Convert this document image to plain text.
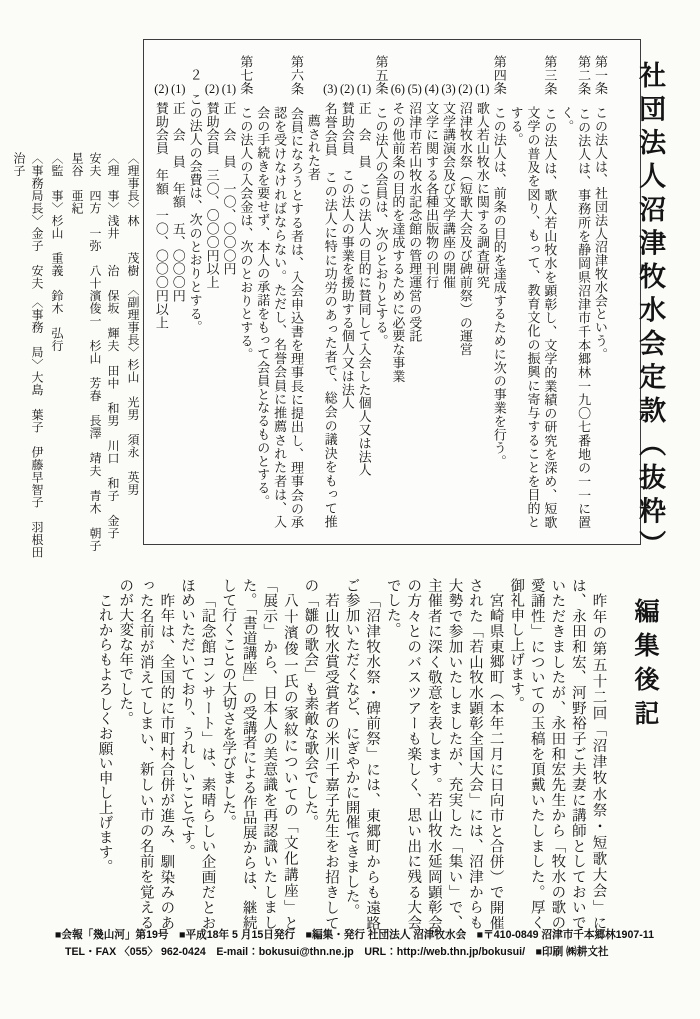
〈理事長〉林　　茂樹　〈副理事長〉杉山　光男　須永　英男
〈理　事〉浅井　　治　保坂　輝夫　田中　和男　川口　和子　金子　安夫　四方　一弥　八十濱俊一　杉山　芳春　長澤　靖夫　青木　朝子　星谷　亜紀
〈監　事〉杉山　重義　鈴木　弘行
〈事務局長〉金子　安夫　〈事務　局〉大島　葉子　伊藤早智子　羽根田治子	社団法人沼津牧水会定款（抜粋）
第一条この法人は、社団法人沼津牧水会という。
第二条この法人は、事務所を静岡県沼津市千本郷林一九〇七番地の一一に置く。
第三条この法人は、歌人若山牧水を顕彰し、文学的業績の研究を深め、短歌文学の普及を図り、もって、教育文化の振興に寄与することを目的とする。
第四条この法人は、前条の目的を達成するために次の事業を行う。
(1)歌人若山牧水に関する調査研究
(2)沼津牧水祭（短歌大会及び碑前祭）の運営
(3)文学講演会及び文学講座の開催
(4)文学に関する各種出版物の刊行
(5)沼津市若山牧水記念館の管理運営の受託
(6)その他前条の目的を達成するために必要な事業
第五条この法人の会員は、次のとおりとする。
(1)正　会　員　この法人の目的に賛同して入会した個人又は法人
(2)賛助会員　この法人の事業を援助する個人又は法人
(3)名誉会員　この法人に特に功労のあった者で、総会の議決をもって推薦された者
第六条会員になろうとする者は、入会申込書を理事長に提出し、理事会の承認を受けなければならない。ただし、名誉会員に推薦された者は、入会の手続きを要せず、本人の承諾をもって会員となるものとする。
第七条この法人の入会金は、次のとおりとする。
(1)正　会　員　一〇、〇〇〇円
(2)賛助会員　三〇、〇〇〇円以上
２この法人の会費は、次のとおりとする。
(1)正　会　員　年額　五、〇〇〇円
(2)賛助会員　年額　一〇、〇〇〇円以上
編集後記

昨年の第五十二回「沼津牧水祭・短歌大会」には、永田和宏、河野裕子ご夫妻に講師としておいでいただきましたが、永田和宏先生から「牧水の歌の愛誦性」についての玉稿を頂戴いたしました。厚く御礼申し上げます。

宮崎県東郷町（本年二月に日向市と合併）で開催された「若山牧水顕彰全国大会」には、沼津からも大勢で参加いたしましたが、充実した「集い」で、主催者に深く敬意を表します。若山牧水延岡顕彰会の方々とのバスツアーも楽しく、思い出に残る大会でした。

「沼津牧水祭・碑前祭」には、東郷町からも遠路ご参加いただくなど、にぎやかに開催できました。

若山牧水賞受賞者の米川千嘉子先生をお招きしての「雛の歌会」も素敵な歌会でした。

八十濱俊一氏の家紋についての「文化講座」と「展示」から、日本人の美意識を再認識いたしました。「書道講座」の受講者による作品展からは、継続して行くことの大切さを学びました。

「記念館コンサート」は、素晴らしい企画だとおほめいただいており、うれしいことです。

昨年は、全国的に市町村合併が進み、馴染みのあった名前が消えてしまい、新しい市の名前を覚えるのが大変な年でした。

これからもよろしくお願い申し上げます。

■会報「幾山河」第19号　■平成18年 5 月15日発行　■編集・発行 社団法人 沼津牧水会　■〒410-0849 沼津市千本郷林1907-11
TEL・FAX 〈055〉 962-0424　E-mail：bokusui@thn.ne.jp　URL：http://web.thn.jp/bokusui/　■印刷 ㈱耕文社
